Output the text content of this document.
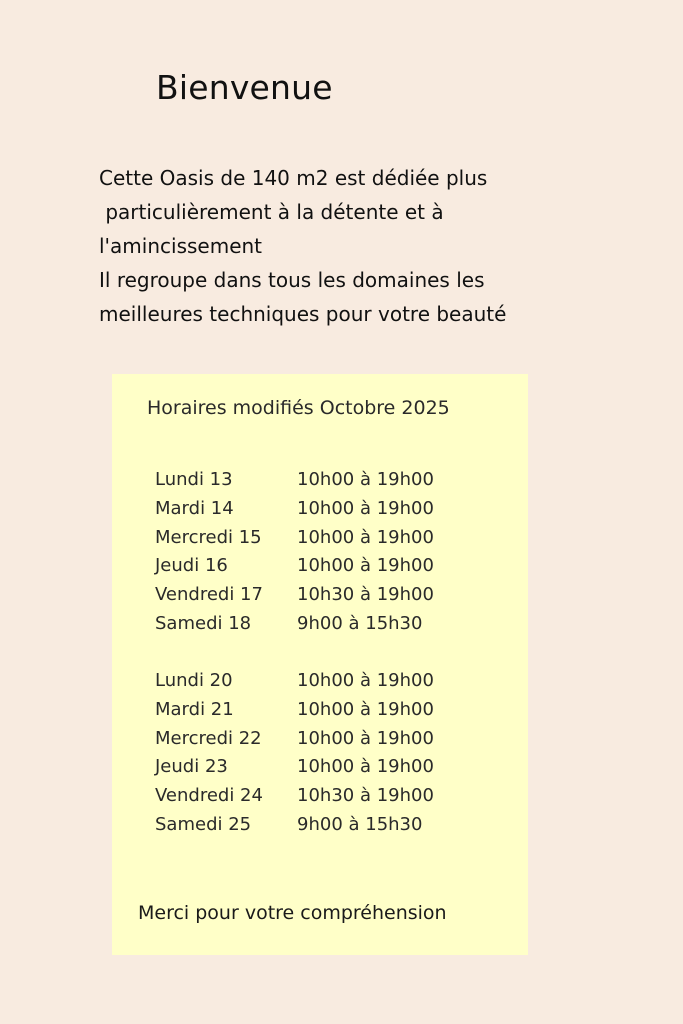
Bienvenue

Cette Oasis de 140 m2 est dédiée plus
particulièrement à la détente et à
l'amincissement
Il regroupe dans tous les domaines les
meilleures techniques pour votre beauté

Horaires modifiés Octobre 2025
Lundi 13	10h00 à 19h00
Mardi 14	10h00 à 19h00
Mercredi 15 10h00 à 19h00
Jeudi 16	10h00 à 19h00
Vendredi 17 10h30 à 19h00
Samedi 18	9h00 à 15h30
Lundi 20	10h00 à 19h00
Mardi 21	10h00 à 19h00
Mercredi 22 10h00 à 19h00
Jeudi 23	10h00 à 19h00
Vendredi 24 10h30 à 19h00
Samedi 25	9h00 à 15h30

Merci pour votre compréhension
